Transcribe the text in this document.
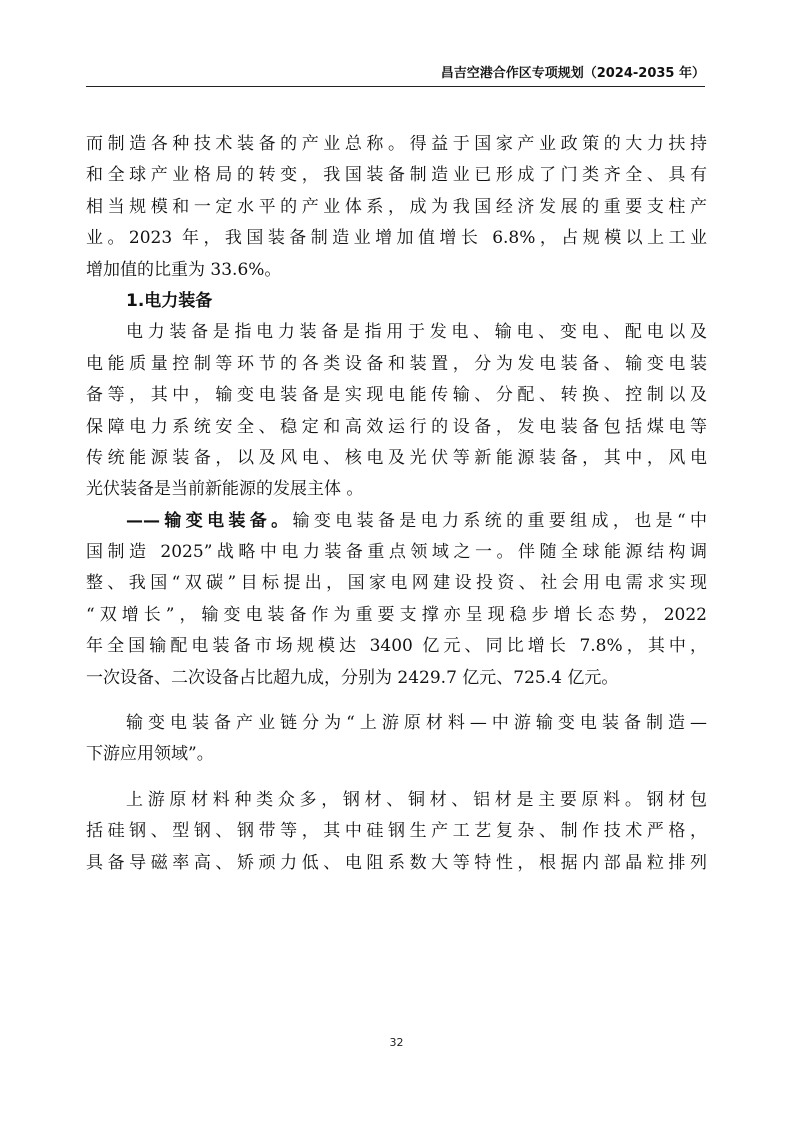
昌吉空港合作区专项规划（2024-2035 年）
而制造各种技术装备的产业总称。得益于国家产业政策的大力扶持
和全球产业格局的转变，我国装备制造业已形成了门类齐全、具有
相当规模和一定水平的产业体系，成为我国经济发展的重要支柱产
业。2023 年，我国装备制造业增加值增长 6.8%，占规模以上工业
增加值的比重为 33.6%。
1.电力装备
电力装备是指电力装备是指用于发电、输电、变电、配电以及
电能质量控制等环节的各类设备和装置，分为发电装备、输变电装
备等，其中，输变电装备是实现电能传输、分配、转换、控制以及
保障电力系统安全、稳定和高效运行的设备，发电装备包括煤电等
传统能源装备，以及风电、核电及光伏等新能源装备，其中，风电
光伏装备是当前新能源的发展主体 。
——输变电装备。输变电装备是电力系统的重要组成，也是“中
国制造 2025”战略中电力装备重点领域之一。伴随全球能源结构调
整、我国“双碳”目标提出，国家电网建设投资、社会用电需求实现
“双增长”，输变电装备作为重要支撑亦呈现稳步增长态势，2022
年全国输配电装备市场规模达 3400 亿元、同比增长 7.8%，其中，
一次设备、二次设备占比超九成，分别为 2429.7 亿元、725.4 亿元。
输变电装备产业链分为“上游原材料—中游输变电装备制造—
下游应用领域”。
上游原材料种类众多，钢材、铜材、铝材是主要原料。钢材包
括硅钢、型钢、钢带等，其中硅钢生产工艺复杂、制作技术严格，
具备导磁率高、矫顽力低、电阻系数大等特性，根据内部晶粒排列
32
